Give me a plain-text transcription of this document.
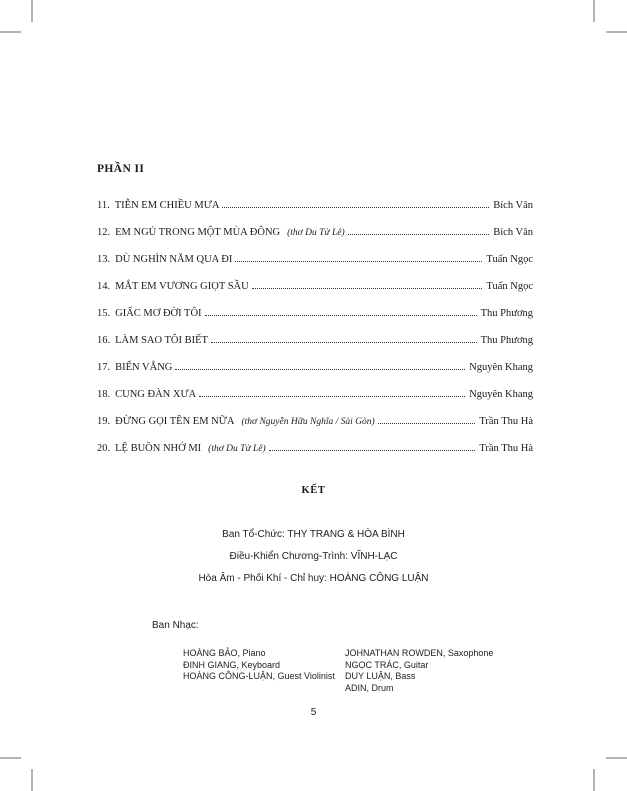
PHẦN II
11. TIỄN EM CHIỀU MƯA	Bích Vân
12. EM NGỦ TRONG MỘT MÙA ĐÔNG (thơ Du Tử Lê)	Bích Vân
13. DÙ NGHÌN NĂM QUA ĐI	Tuấn Ngọc
14. MẮT EM VƯƠNG GIỌT SẦU	Tuấn Ngọc
15. GIẤC MƠ ĐỜI TÔI	Thu Phương
16. LÀM SAO TÔI BIẾT	Thu Phương
17. BIỂN VẮNG	Nguyên Khang
18. CUNG ĐÀN XƯA	Nguyên Khang
19. ĐỪNG GỌI TÊN EM NỮA (thơ Nguyễn Hữu Nghĩa / Sài Gòn)	Trần Thu Hà
20. LỆ BUỒN NHỚ MI (thơ Du Tử Lê)	Trần Thu Hà
KẾT
Ban Tổ-Chức: THY TRANG & HÒA BÌNH
Điều-Khiển Chương-Trình: VĨNH-LẠC
Hòa Âm - Phối Khí - Chỉ huy: HOÀNG CÔNG LUẬN
Ban Nhạc:
HOÀNG BẢO, Piano
ĐINH GIANG, Keyboard
HOÀNG CÔNG-LUẬN, Guest Violinist
JOHNATHAN ROWDEN, Saxophone
NGỌC TRÁC, Guitar
DUY LUẬN, Bass
ADIN, Drum
5
